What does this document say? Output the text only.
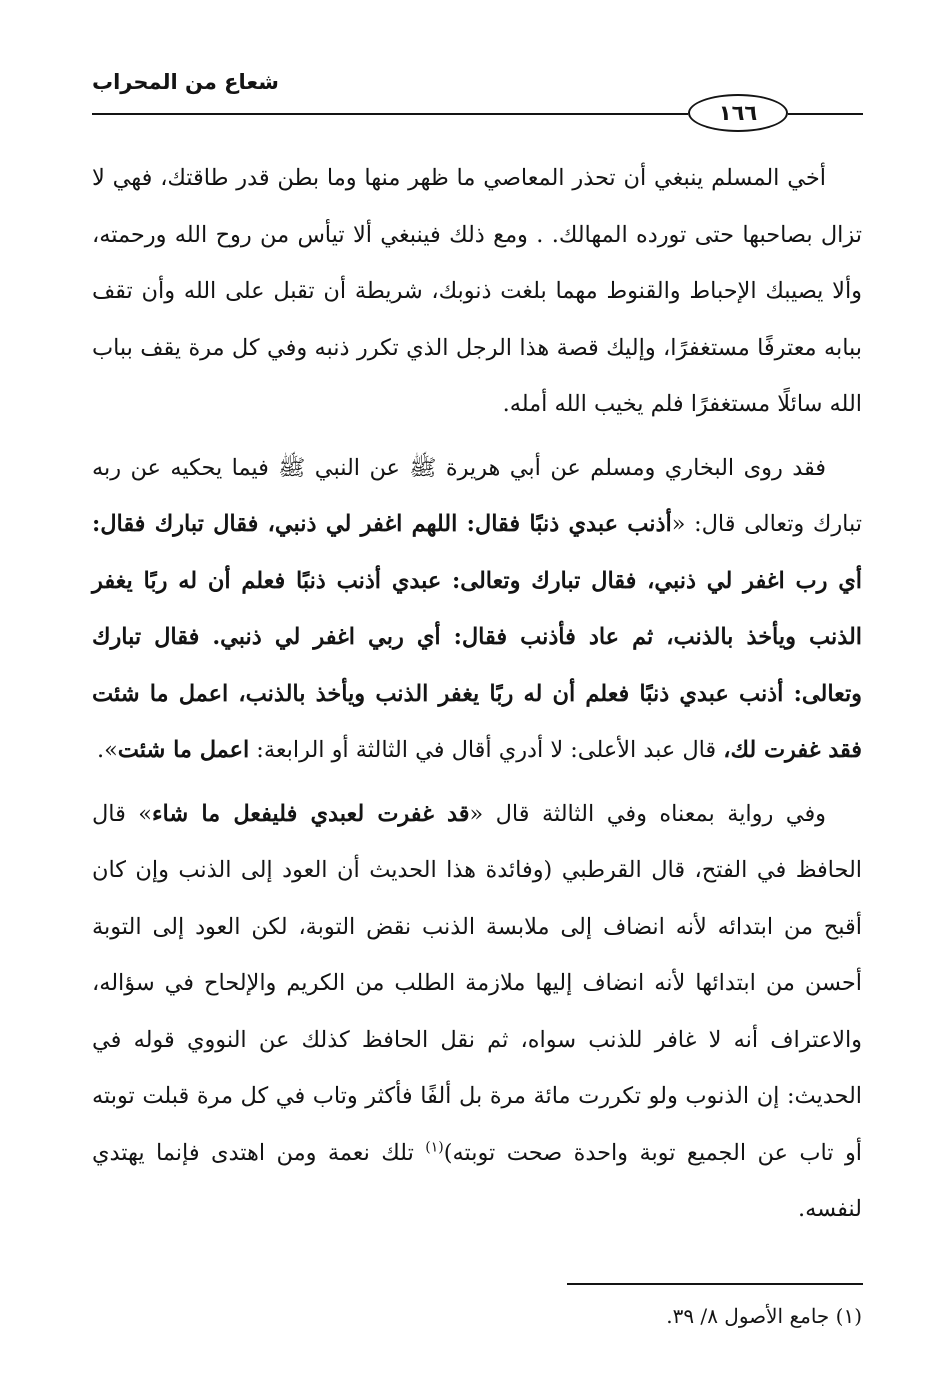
شعاع من المحراب
١٦٦

أخي المسلم ينبغي أن تحذر المعاصي ما ظهر منها وما بطن قدر طاقتك، فهي لا تزال بصاحبها حتى تورده المهالك. . ومع ذلك فينبغي ألا تيأس من روح الله ورحمته، وألا يصيبك الإحباط والقنوط مهما بلغت ذنوبك، شريطة أن تقبل على الله وأن تقف ببابه معترفًا مستغفرًا، وإليك قصة هذا الرجل الذي تكرر ذنبه وفي كل مرة يقف بباب الله سائلًا مستغفرًا فلم يخيب الله أمله.

فقد روى البخاري ومسلم عن أبي هريرة ﷺ عن النبي ﷺ فيما يحكيه عن ربه تبارك وتعالى قال: «أذنب عبدي ذنبًا فقال: اللهم اغفر لي ذنبي، فقال تبارك فقال: أي رب اغفر لي ذنبي، فقال تبارك وتعالى: عبدي أذنب ذنبًا فعلم أن له ربًا يغفر الذنب ويأخذ بالذنب، ثم عاد فأذنب فقال: أي ربي اغفر لي ذنبي. فقال تبارك وتعالى: أذنب عبدي ذنبًا فعلم أن له ربًا يغفر الذنب ويأخذ بالذنب، اعمل ما شئت فقد غفرت لك، قال عبد الأعلى: لا أدري أقال في الثالثة أو الرابعة: اعمل ما شئت».

وفي رواية بمعناه وفي الثالثة قال «قد غفرت لعبدي فليفعل ما شاء» قال الحافظ في الفتح، قال القرطبي (وفائدة هذا الحديث أن العود إلى الذنب وإن كان أقبح من ابتدائه لأنه انضاف إلى ملابسة الذنب نقض التوبة، لكن العود إلى التوبة أحسن من ابتدائها لأنه انضاف إليها ملازمة الطلب من الكريم والإلحاح في سؤاله، والاعتراف أنه لا غافر للذنب سواه، ثم نقل الحافظ كذلك عن النووي قوله في الحديث: إن الذنوب ولو تكررت مائة مرة بل ألفًا فأكثر وتاب في كل مرة قبلت توبته أو تاب عن الجميع توبة واحدة صحت توبته)$^{(١)}$ تلك نعمة ومن اهتدى فإنما يهتدي لنفسه.

(١) جامع الأصول ٨/ ٣٩.
